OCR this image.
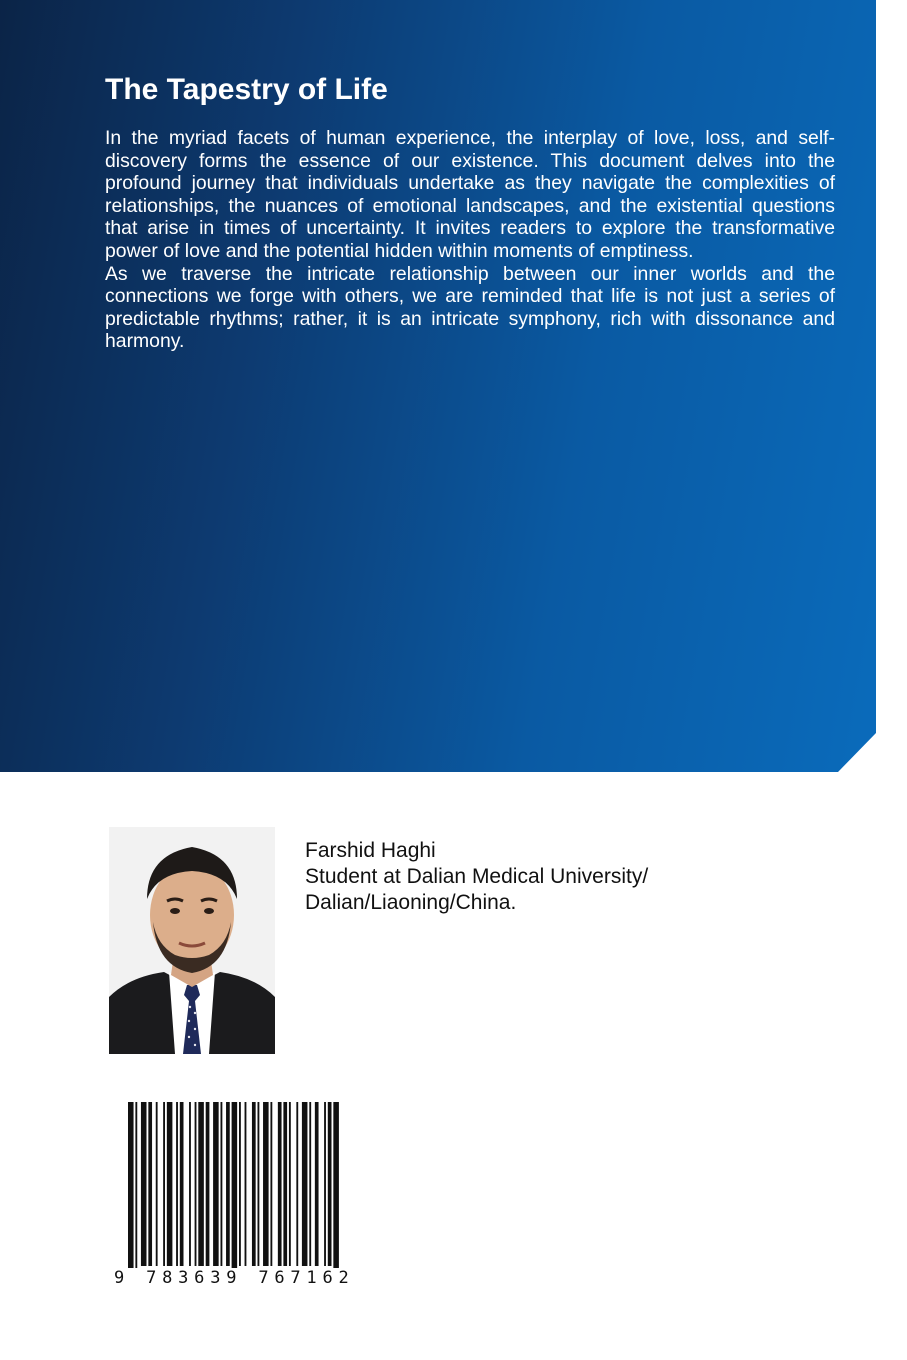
The Tapestry of Life

In the myriad facets of human experience, the interplay of love, loss, and self-discovery forms the essence of our existence. This document delves into the profound journey that individuals undertake as they navigate the complexities of relationships, the nuances of emotional landscapes, and the existential questions that arise in times of uncertainty. It invites readers to explore the transformative power of love and the potential hidden within moments of emptiness.

As we traverse the intricate relationship between our inner worlds and the connections we forge with others, we are reminded that life is not just a series of predictable rhythms; rather, it is an intricate symphony, rich with dissonance and harmony.

Farshid Haghi
Student at Dalian Medical University/
Dalian/Liaoning/China.
9 783639 767162
